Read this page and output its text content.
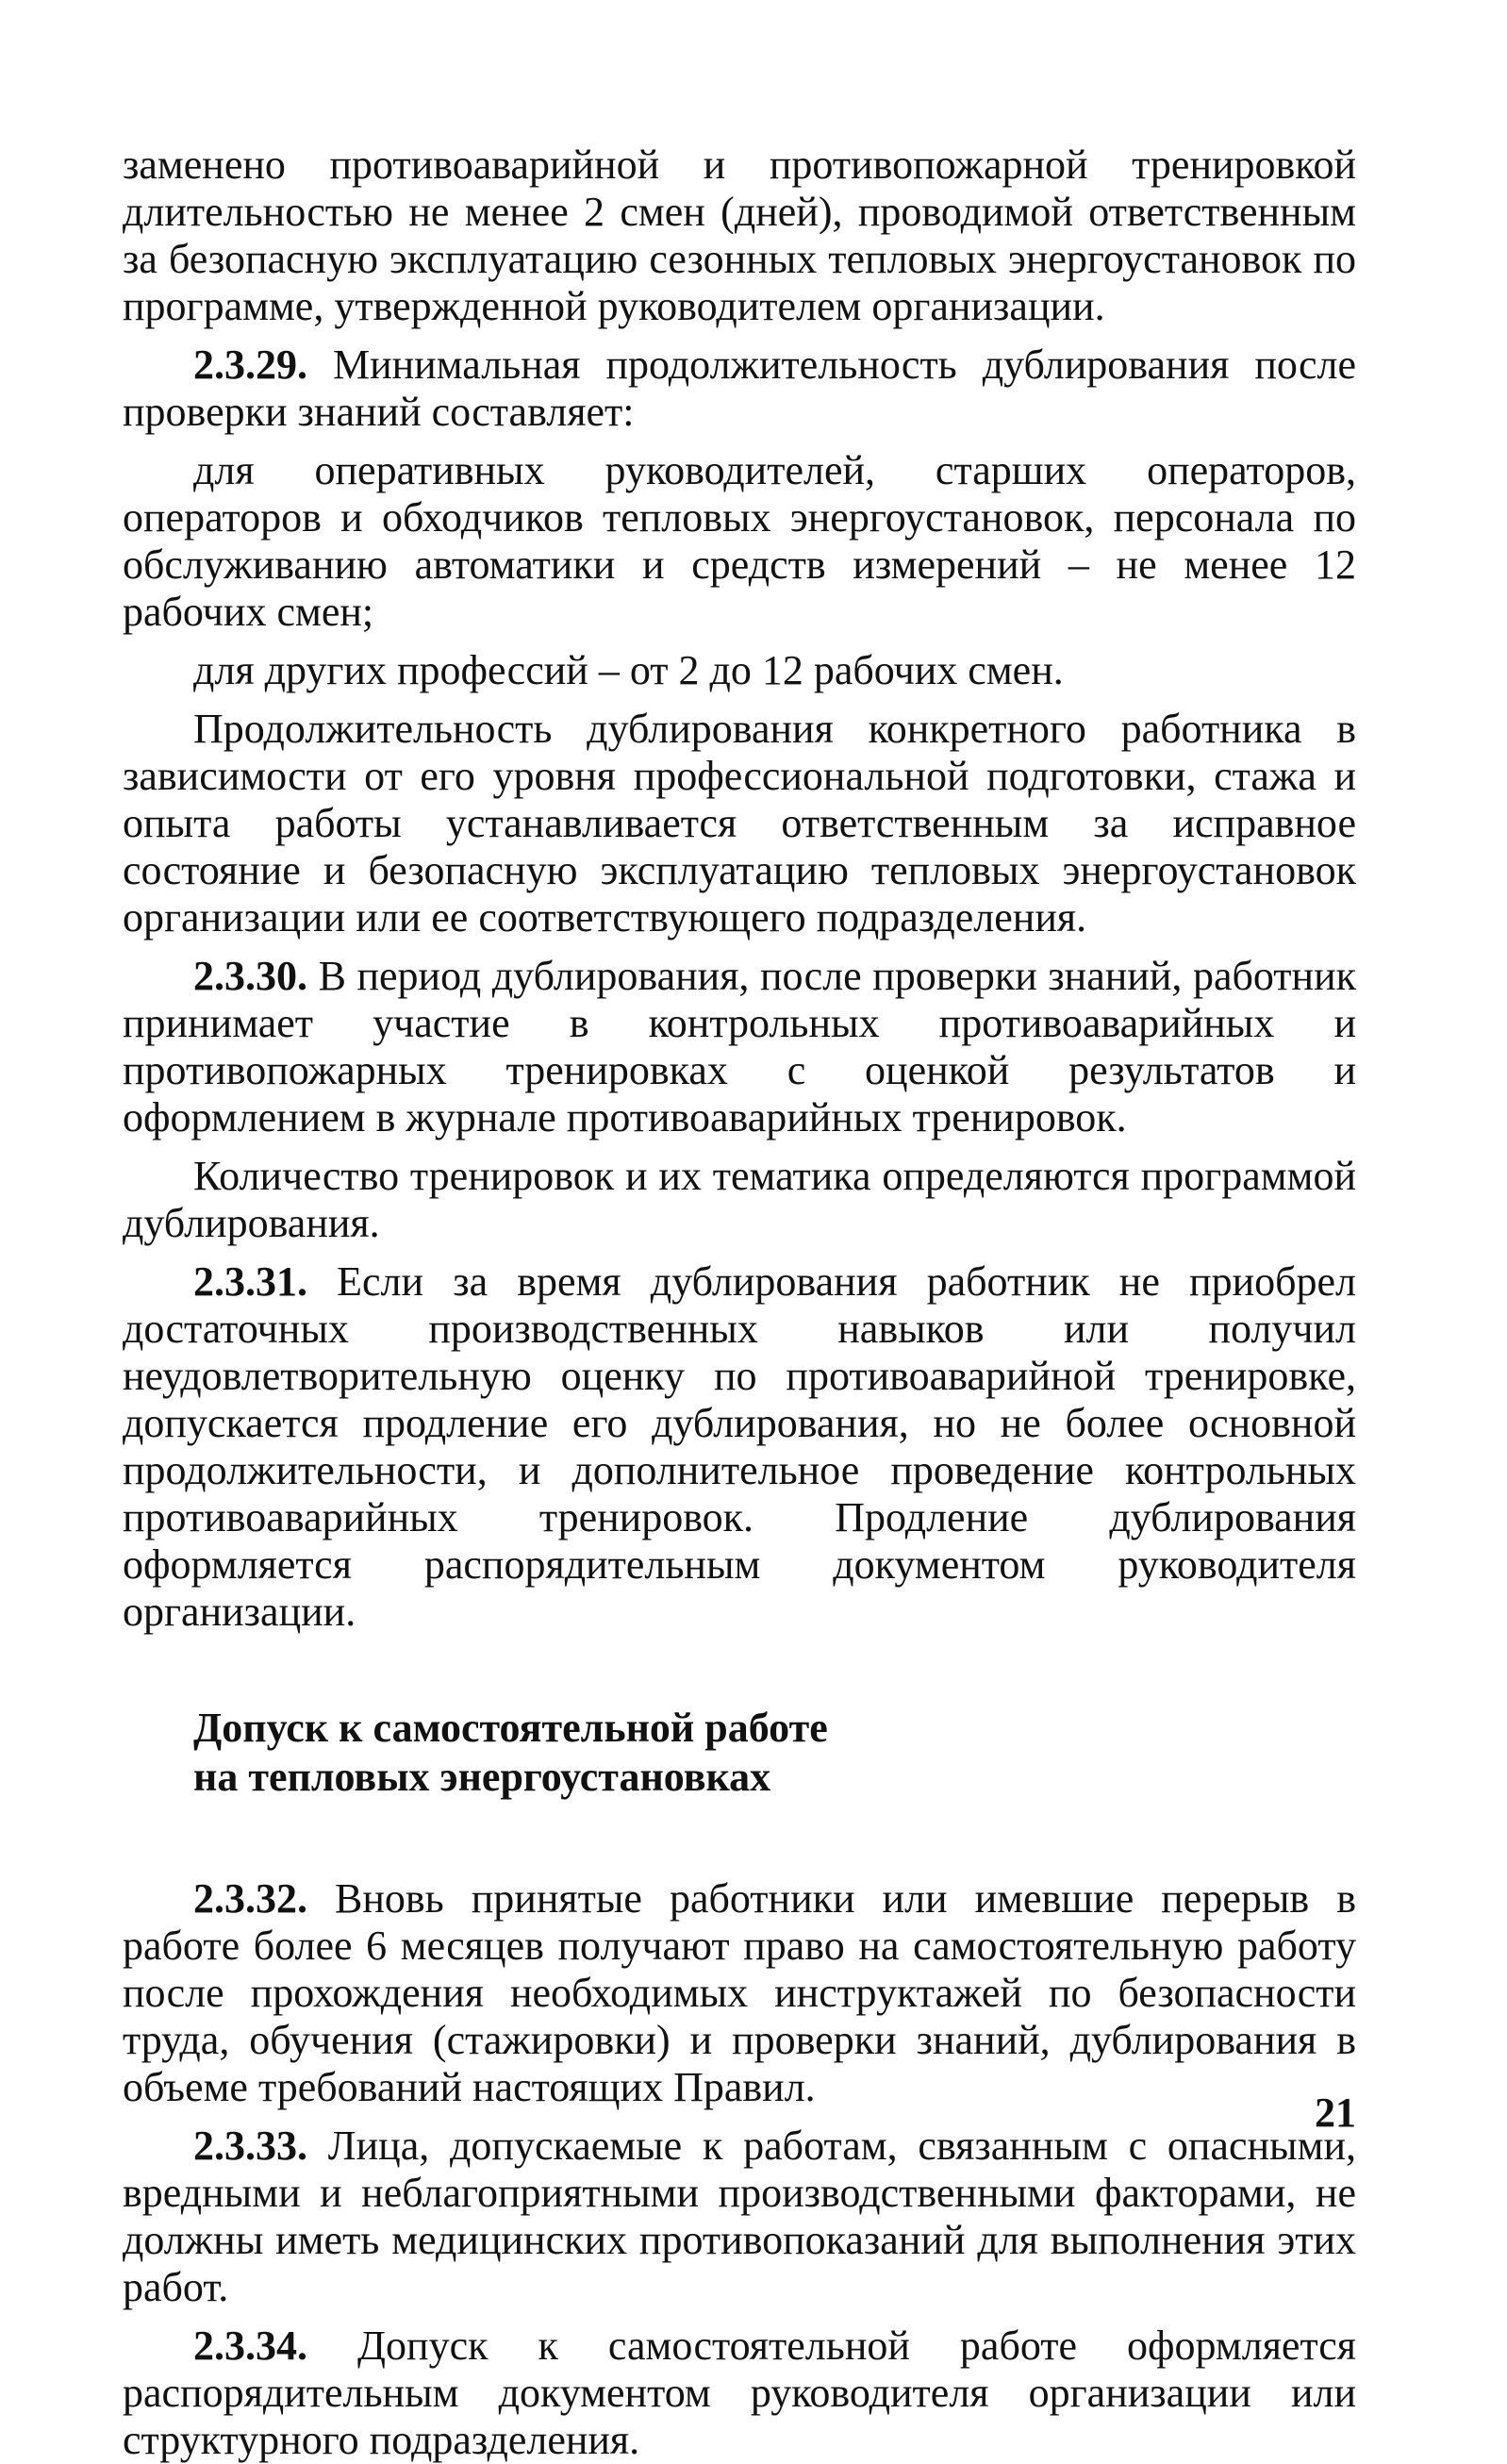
заменено противоаварийной и противопожарной тренировкой длительностью не менее 2 смен (дней), проводимой ответственным за безопасную эксплуатацию сезонных тепловых энергоустановок по программе, утвержденной руководителем организации.

2.3.29. Минимальная продолжительность дублирования после проверки знаний составляет:

для оперативных руководителей, старших операторов, операторов и обходчиков тепловых энергоустановок, персонала по обслуживанию автоматики и средств измерений – не менее 12 рабочих смен;

для других профессий – от 2 до 12 рабочих смен.

Продолжительность дублирования конкретного работника в зависимости от его уровня профессиональной подготовки, стажа и опыта работы устанавливается ответственным за исправное состояние и безопасную эксплуатацию тепловых энергоустановок организации или ее соответствующего подразделения.

2.3.30. В период дублирования, после проверки знаний, работник принимает участие в контрольных противоаварийных и противопожарных тренировках с оценкой результатов и оформлением в журнале противоаварийных тренировок.

Количество тренировок и их тематика определяются программой дублирования.

2.3.31. Если за время дублирования работник не приобрел достаточных производственных навыков или получил неудовлетворительную оценку по противоаварийной тренировке, допускается продление его дублирования, но не более основной продолжительности, и дополнительное проведение контрольных противоаварийных тренировок. Продление дублирования оформляется распорядительным документом руководителя организации.

Допуск к самостоятельной работе
на тепловых энергоустановках

2.3.32. Вновь принятые работники или имевшие перерыв в работе более 6 месяцев получают право на самостоятельную работу после прохождения необходимых инструктажей по безопасности труда, обучения (стажировки) и проверки знаний, дублирования в объеме требований настоящих Правил.

2.3.33. Лица, допускаемые к работам, связанным с опасными, вредными и неблагоприятными производственными факторами, не должны иметь медицинских противопоказаний для выполнения этих работ.

2.3.34. Допуск к самостоятельной работе оформляется распорядительным документом руководителя организации или структурного подразделения.

21
